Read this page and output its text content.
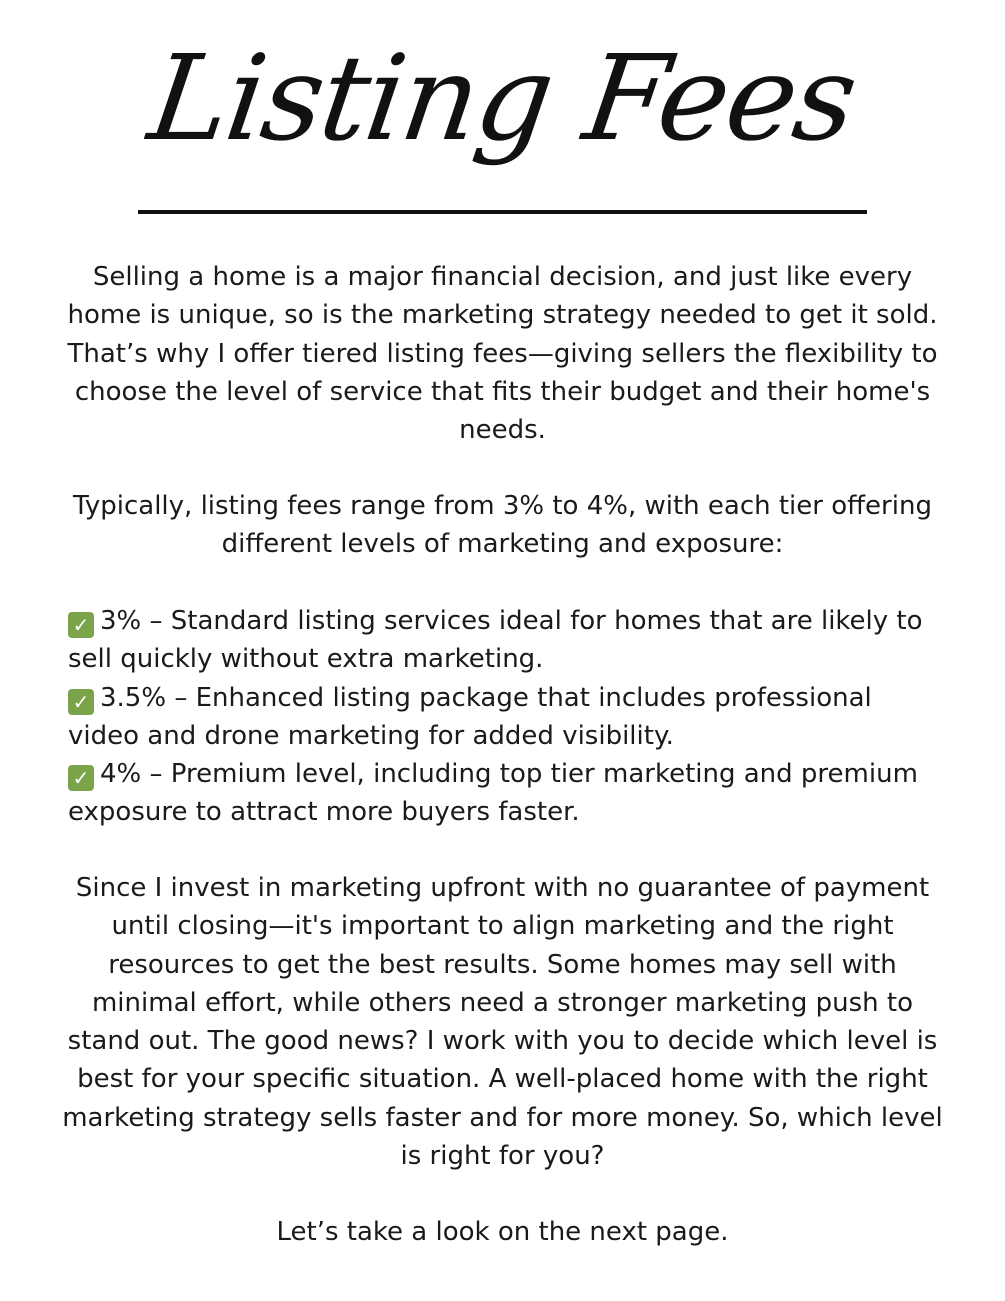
Listing Fees

Selling a home is a major financial decision, and just like every home is unique, so is the marketing strategy needed to get it sold. That’s why I offer tiered listing fees—giving sellers the flexibility to choose the level of service that fits their budget and their home's needs.

Typically, listing fees range from 3% to 4%, with each tier offering different levels of marketing and exposure:

✓ 3% – Standard listing services ideal for homes that are likely to sell quickly without extra marketing.
✓ 3.5% – Enhanced listing package that includes professional video and drone marketing for added visibility.
✓ 4% – Premium level, including top tier marketing and premium exposure to attract more buyers faster.

Since I invest in marketing upfront with no guarantee of payment until closing—it's important to align marketing and the right resources to get the best results. Some homes may sell with minimal effort, while others need a stronger marketing push to stand out. The good news? I work with you to decide which level is best for your specific situation. A well-placed home with the right marketing strategy sells faster and for more money. So, which level is right for you?

Let’s take a look on the next page.
